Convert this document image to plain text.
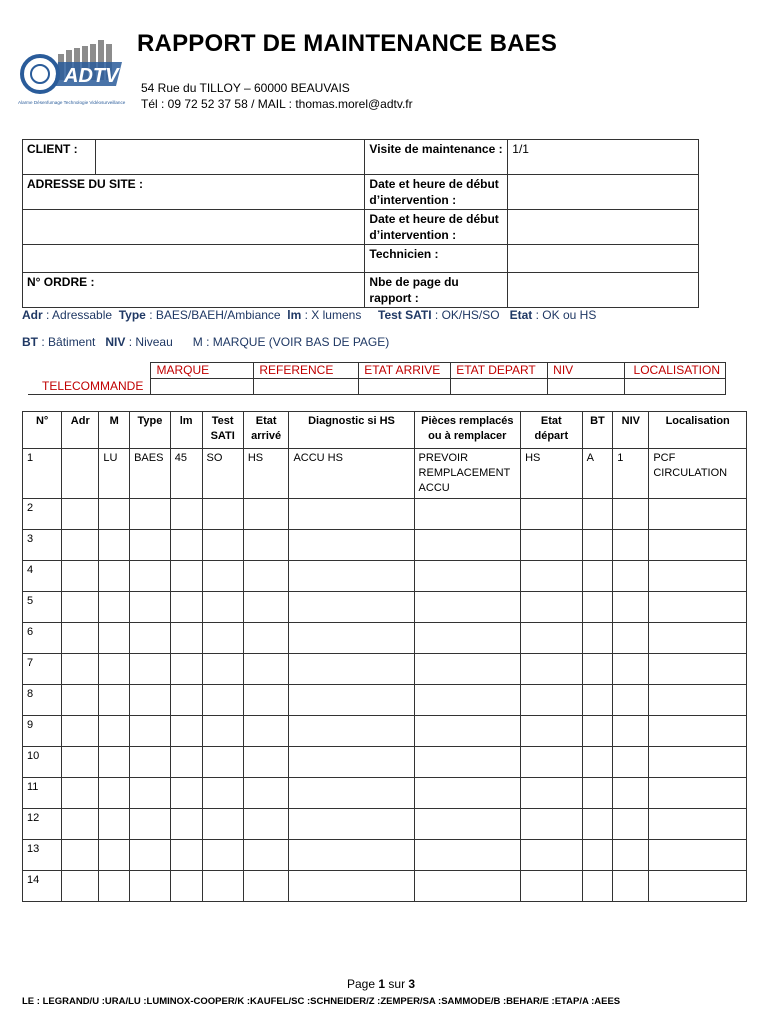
ADTV
Alarme Désenfumage Technologie Vidéosurveillance
RAPPORT DE MAINTENANCE BAES
54 Rue du TILLOY – 60000 BEAUVAIS
Tél : 09 72 52 37 58 / MAIL : thomas.morel@adtv.fr
CLIENT :		Visite de maintenance :	1/1
ADRESSE DU SITE :		Date et heure de début d’intervention :	
		Date et heure de début d’intervention :	
		Technicien :	
N° ORDRE :		Nbe de page du rapport :	
Adr : Adressable Type : BAES/BAEH/Ambiance lm : X lumens Test SATI : OK/HS/SO Etat : OK ou HS
BT : Bâtiment NIV : Niveau M : MARQUE (VOIR BAS DE PAGE)
	MARQUE	REFERENCE	ETAT ARRIVE	ETAT DEPART	NIV	LOCALISATION
TELECOMMANDE						
N°	Adr	M	Type	lm	Test SATI	Etat arrivé	Diagnostic si HS	Pièces remplacés ou à remplacer	Etat départ	BT	NIV	Localisation
1		LU	BAES	45	SO	HS	ACCU HS	PREVOIR REMPLACEMENT ACCU	HS	A	1	PCF CIRCULATION
2												
3												
4												
5												
6												
7												
8												
9												
10												
11												
12												
13												
14												
Page 1 sur 3
LE : LEGRAND/U :URA/LU :LUMINOX-COOPER/K :KAUFEL/SC :SCHNEIDER/Z :ZEMPER/SA :SAMMODE/B :BEHAR/E :ETAP/A :AEES
